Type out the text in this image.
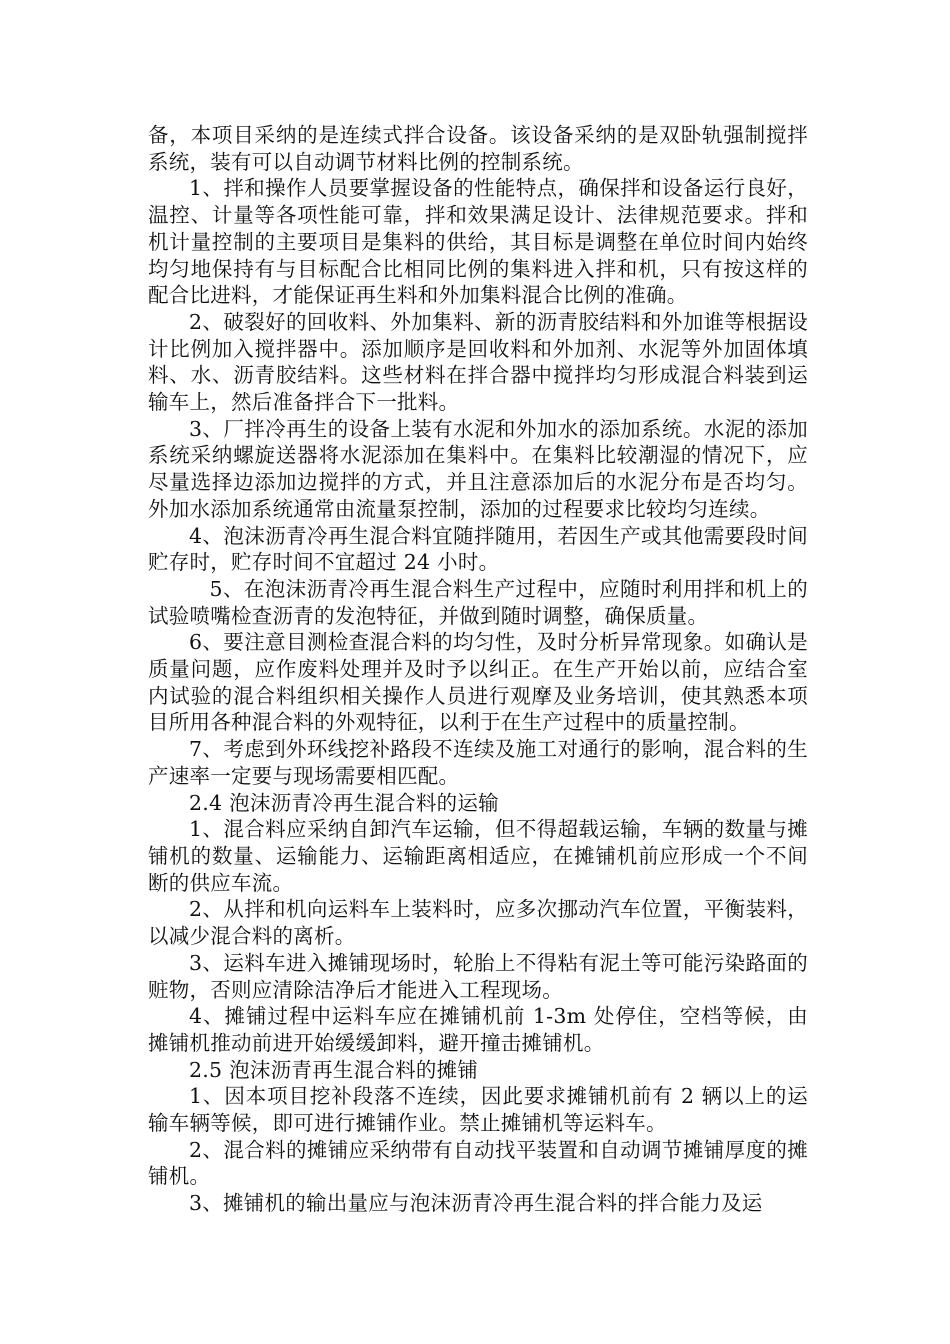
备，本项目采纳的是连续式拌合设备。该设备采纳的是双卧轨强制搅拌系统，装有可以自动调节材料比例的控制系统。

1、拌和操作人员要掌握设备的性能特点，确保拌和设备运行良好，温控、计量等各项性能可靠，拌和效果满足设计、法律规范要求。拌和机计量控制的主要项目是集料的供给，其目标是调整在单位时间内始终均匀地保持有与目标配合比相同比例的集料进入拌和机，只有按这样的配合比进料，才能保证再生料和外加集料混合比例的准确。

2、破裂好的回收料、外加集料、新的沥青胶结料和外加谁等根据设计比例加入搅拌器中。添加顺序是回收料和外加剂、水泥等外加固体填料、水、沥青胶结料。这些材料在拌合器中搅拌均匀形成混合料装到运输车上，然后准备拌合下一批料。

3、厂拌冷再生的设备上装有水泥和外加水的添加系统。水泥的添加系统采纳螺旋送器将水泥添加在集料中。在集料比较潮湿的情况下，应尽量选择边添加边搅拌的方式，并且注意添加后的水泥分布是否均匀。外加水添加系统通常由流量泵控制，添加的过程要求比较均匀连续。

4、泡沫沥青冷再生混合料宜随拌随用，若因生产或其他需要段时间贮存时，贮存时间不宜超过 24 小时。

5、在泡沫沥青冷再生混合料生产过程中，应随时利用拌和机上的试验喷嘴检查沥青的发泡特征，并做到随时调整，确保质量。

6、要注意目测检查混合料的均匀性，及时分析异常现象。如确认是质量问题，应作废料处理并及时予以纠正。在生产开始以前，应结合室内试验的混合料组织相关操作人员进行观摩及业务培训，使其熟悉本项目所用各种混合料的外观特征，以利于在生产过程中的质量控制。

7、考虑到外环线挖补路段不连续及施工对通行的影响，混合料的生产速率一定要与现场需要相匹配。

2.4 泡沫沥青冷再生混合料的运输

1、混合料应采纳自卸汽车运输，但不得超载运输，车辆的数量与摊铺机的数量、运输能力、运输距离相适应，在摊铺机前应形成一个不间断的供应车流。

2、从拌和机向运料车上装料时，应多次挪动汽车位置，平衡装料，以减少混合料的离析。

3、运料车进入摊铺现场时，轮胎上不得粘有泥土等可能污染路面的赃物，否则应清除洁净后才能进入工程现场。

4、摊铺过程中运料车应在摊铺机前 1-3m 处停住，空档等候，由摊铺机推动前进开始缓缓卸料，避开撞击摊铺机。

2.5 泡沫沥青再生混合料的摊铺

1、因本项目挖补段落不连续，因此要求摊铺机前有 2 辆以上的运输车辆等候，即可进行摊铺作业。禁止摊铺机等运料车。

2、混合料的摊铺应采纳带有自动找平装置和自动调节摊铺厚度的摊铺机。

3、摊铺机的输出量应与泡沫沥青冷再生混合料的拌合能力及运
